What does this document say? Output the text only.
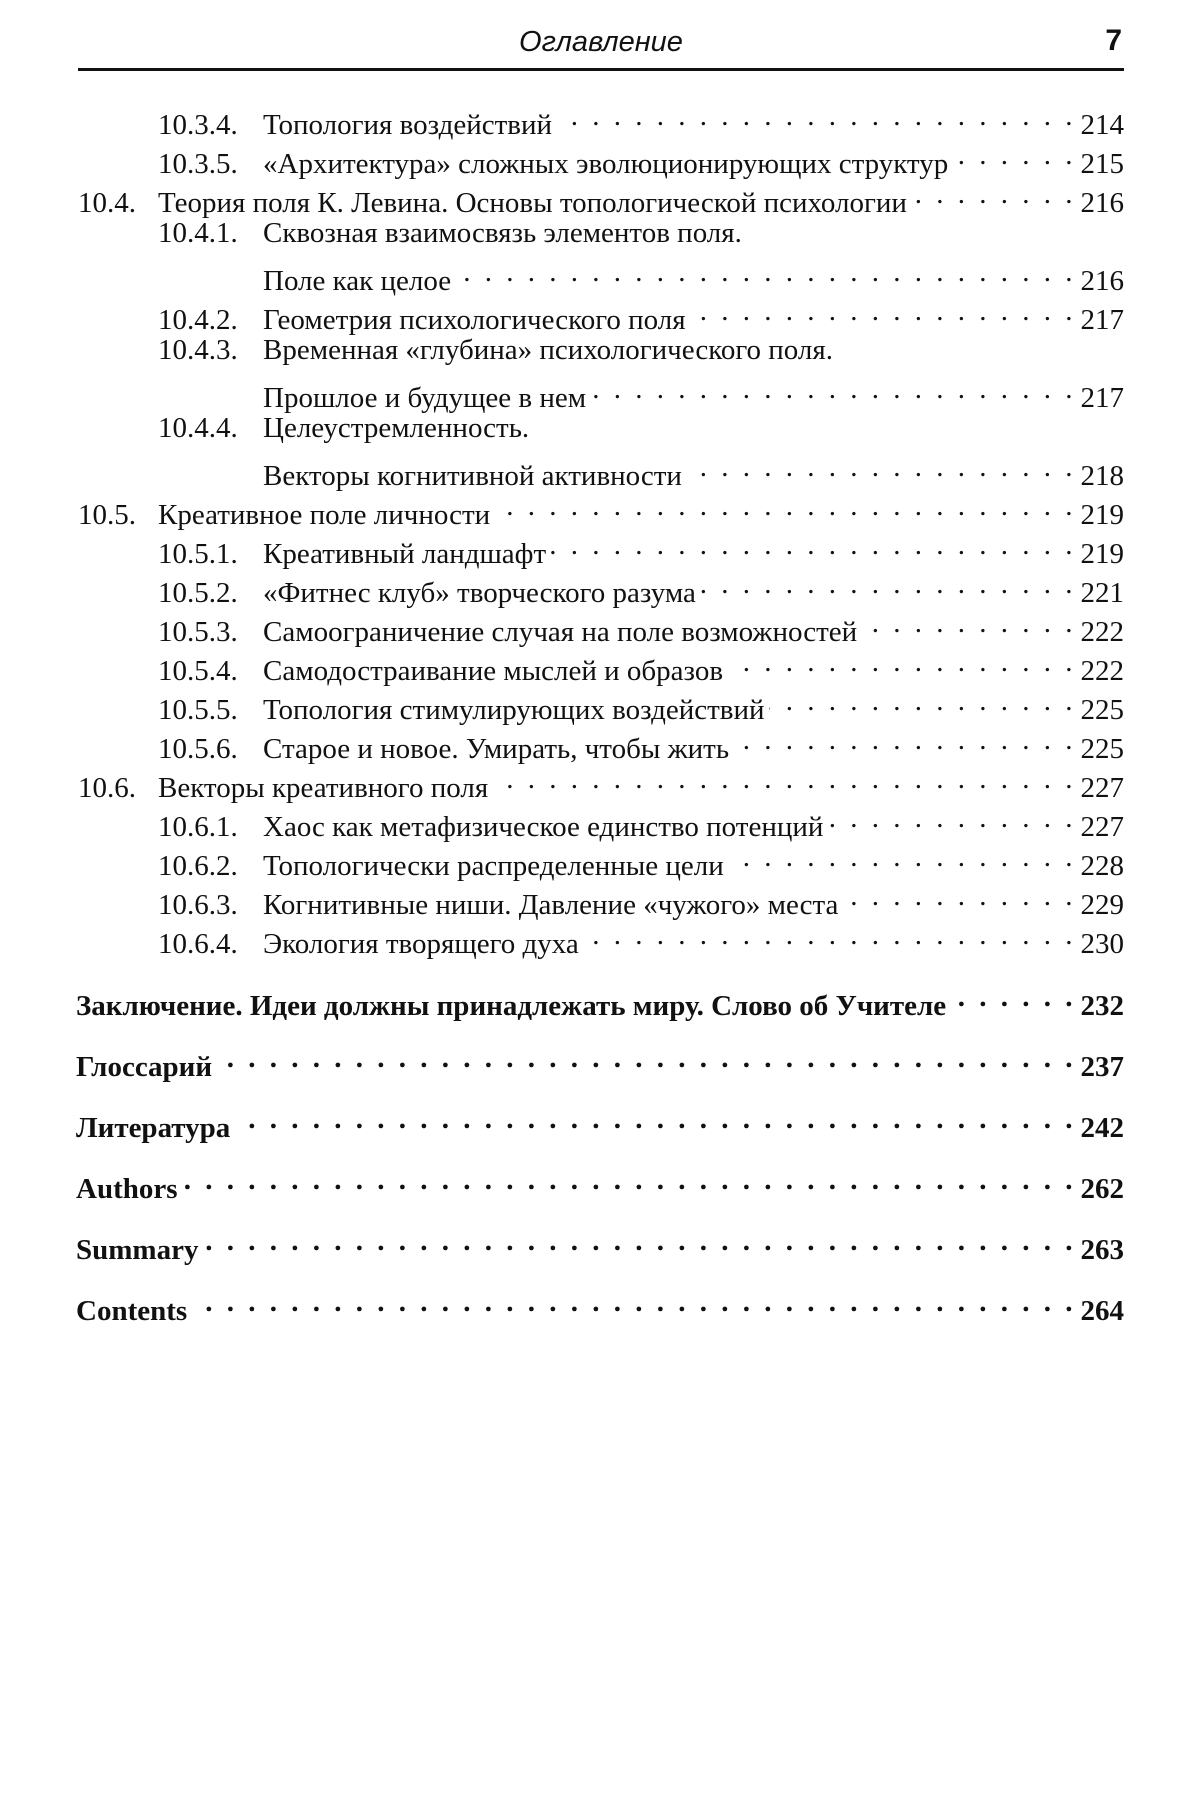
Оглавление	7
10.3.4. Топология воздействий . . .	214
10.3.5. «Архитектура» сложных эволюционирующих структур . . .	215
10.4. Теория поля К. Левина. Основы топологической психологии . . .	216
10.4.1. Сквозная взаимосвязь элементов поля.
Поле как целое . . .	216
10.4.2. Геометрия психологического поля . . .	217
10.4.3. Временная «глубина» психологического поля.
Прошлое и будущее в нем . . .	217
10.4.4. Целеустремленность.
Векторы когнитивной активности . . .	218
10.5. Креативное поле личности . . .	219
10.5.1. Креативный ландшафт . . .	219
10.5.2. «Фитнес клуб» творческого разума . . .	221
10.5.3. Самоограничение случая на поле возможностей . . .	222
10.5.4. Самодостраивание мыслей и образов . . .	222
10.5.5. Топология стимулирующих воздействий . . .	225
10.5.6. Старое и новое. Умирать, чтобы жить . . .	225
10.6. Векторы креативного поля . . .	227
10.6.1. Хаос как метафизическое единство потенций . . .	227
10.6.2. Топологически распределенные цели . . .	228
10.6.3. Когнитивные ниши. Давление «чужого» места . . .	229
10.6.4. Экология творящего духа . . .	230
Заключение. Идеи должны принадлежать миру. Слово об Учителе . . .	232
Глоссарий . . .	237
Литература . . .	242
Authors . . .	262
Summary . . .	263
Contents . . .	264
